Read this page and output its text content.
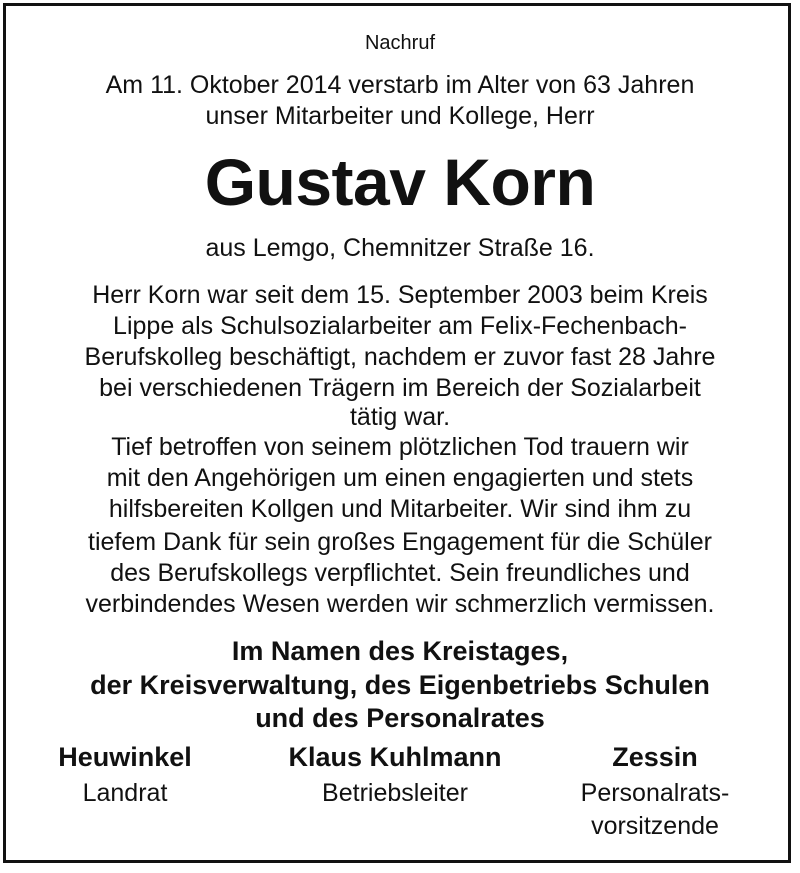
Nachruf
Am 11. Oktober 2014 verstarb im Alter von 63 Jahren
unser Mitarbeiter und Kollege, Herr
Gustav Korn
aus Lemgo, Chemnitzer Straße 16.
Herr Korn war seit dem 15. September 2003 beim Kreis
Lippe als Schulsozialarbeiter am Felix-Fechenbach-
Berufskolleg beschäftigt, nachdem er zuvor fast 28 Jahre
bei verschiedenen Trägern im Bereich der Sozialarbeit
tätig war.
Tief betroffen von seinem plötzlichen Tod trauern wir
mit den Angehörigen um einen engagierten und stets
hilfsbereiten Kollgen und Mitarbeiter. Wir sind ihm zu
tiefem Dank für sein großes Engagement für die Schüler
des Berufskollegs verpflichtet. Sein freundliches und
verbindendes Wesen werden wir schmerzlich vermissen.
Im Namen des Kreistages,
der Kreisverwaltung, des Eigenbetriebs Schulen
und des Personalrates
Heuwinkel
Landrat
Klaus Kuhlmann
Betriebsleiter
Zessin
Personalrats-
vorsitzende
